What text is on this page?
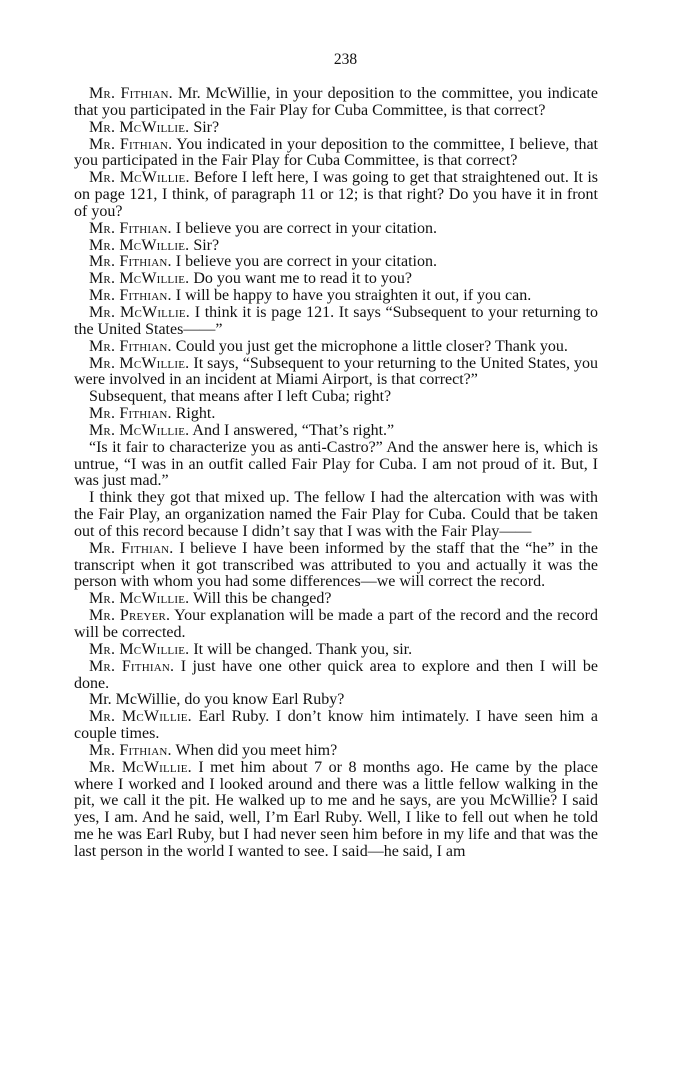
238

Mr. Fithian. Mr. McWillie, in your deposition to the committee, you indicate that you participated in the Fair Play for Cuba Committee, is that correct?

Mr. McWillie. Sir?

Mr. Fithian. You indicated in your deposition to the committee, I believe, that you participated in the Fair Play for Cuba Committee, is that correct?

Mr. McWillie. Before I left here, I was going to get that straightened out. It is on page 121, I think, of paragraph 11 or 12; is that right? Do you have it in front of you?

Mr. Fithian. I believe you are correct in your citation.

Mr. McWillie. Sir?

Mr. Fithian. I believe you are correct in your citation.

Mr. McWillie. Do you want me to read it to you?

Mr. Fithian. I will be happy to have you straighten it out, if you can.

Mr. McWillie. I think it is page 121. It says “Subsequent to your returning to the United States——”

Mr. Fithian. Could you just get the microphone a little closer? Thank you.

Mr. McWillie. It says, “Subsequent to your returning to the United States, you were involved in an incident at Miami Airport, is that correct?”

Subsequent, that means after I left Cuba; right?

Mr. Fithian. Right.

Mr. McWillie. And I answered, “That’s right.”

“Is it fair to characterize you as anti-Castro?” And the answer here is, which is untrue, “I was in an outfit called Fair Play for Cuba. I am not proud of it. But, I was just mad.”

I think they got that mixed up. The fellow I had the altercation with was with the Fair Play, an organization named the Fair Play for Cuba. Could that be taken out of this record because I didn’t say that I was with the Fair Play——

Mr. Fithian. I believe I have been informed by the staff that the “he” in the transcript when it got transcribed was attributed to you and actually it was the person with whom you had some differences—we will correct the record.

Mr. McWillie. Will this be changed?

Mr. Preyer. Your explanation will be made a part of the record and the record will be corrected.

Mr. McWillie. It will be changed. Thank you, sir.

Mr. Fithian. I just have one other quick area to explore and then I will be done.

Mr. McWillie, do you know Earl Ruby?

Mr. McWillie. Earl Ruby. I don’t know him intimately. I have seen him a couple times.

Mr. Fithian. When did you meet him?

Mr. McWillie. I met him about 7 or 8 months ago. He came by the place where I worked and I looked around and there was a little fellow walking in the pit, we call it the pit. He walked up to me and he says, are you McWillie? I said yes, I am. And he said, well, I’m Earl Ruby. Well, I like to fell out when he told me he was Earl Ruby, but I had never seen him before in my life and that was the last person in the world I wanted to see. I said—he said, I am
